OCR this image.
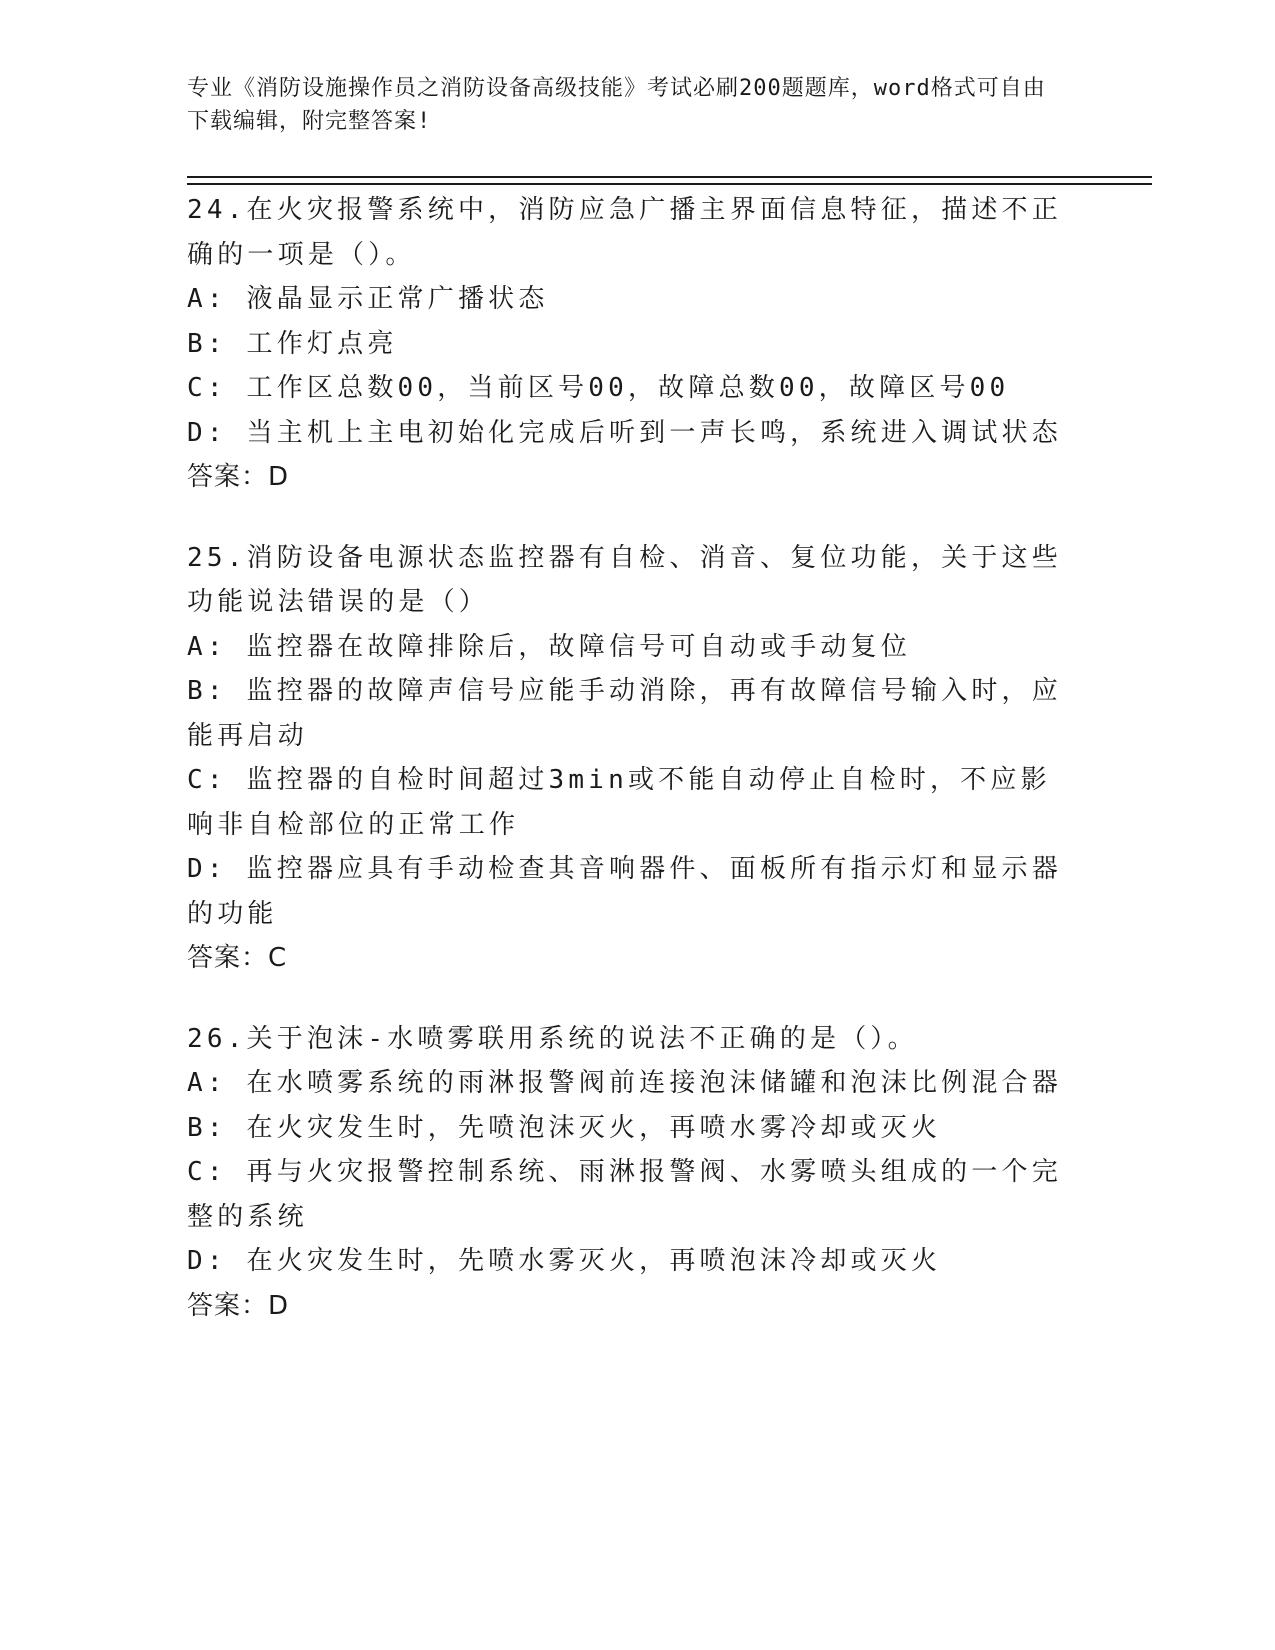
专业《消防设施操作员之消防设备高级技能》考试必刷200题题库，word格式可自由下载编辑，附完整答案!
24.在火灾报警系统中，消防应急广播主界面信息特征，描述不正确的一项是（）。
A: 液晶显示正常广播状态
B: 工作灯点亮
C: 工作区总数00，当前区号00，故障总数00，故障区号00
D: 当主机上主电初始化完成后听到一声长鸣，系统进入调试状态
答案：D
25.消防设备电源状态监控器有自检、消音、复位功能，关于这些功能说法错误的是（）
A: 监控器在故障排除后，故障信号可自动或手动复位
B: 监控器的故障声信号应能手动消除，再有故障信号输入时，应能再启动
C: 监控器的自检时间超过3min或不能自动停止自检时，不应影响非自检部位的正常工作
D: 监控器应具有手动检查其音响器件、面板所有指示灯和显示器的功能
答案：C
26.关于泡沫-水喷雾联用系统的说法不正确的是（）。
A: 在水喷雾系统的雨淋报警阀前连接泡沫储罐和泡沫比例混合器
B: 在火灾发生时，先喷泡沫灭火，再喷水雾冷却或灭火
C: 再与火灾报警控制系统、雨淋报警阀、水雾喷头组成的一个完整的系统
D: 在火灾发生时，先喷水雾灭火，再喷泡沫冷却或灭火
答案：D
